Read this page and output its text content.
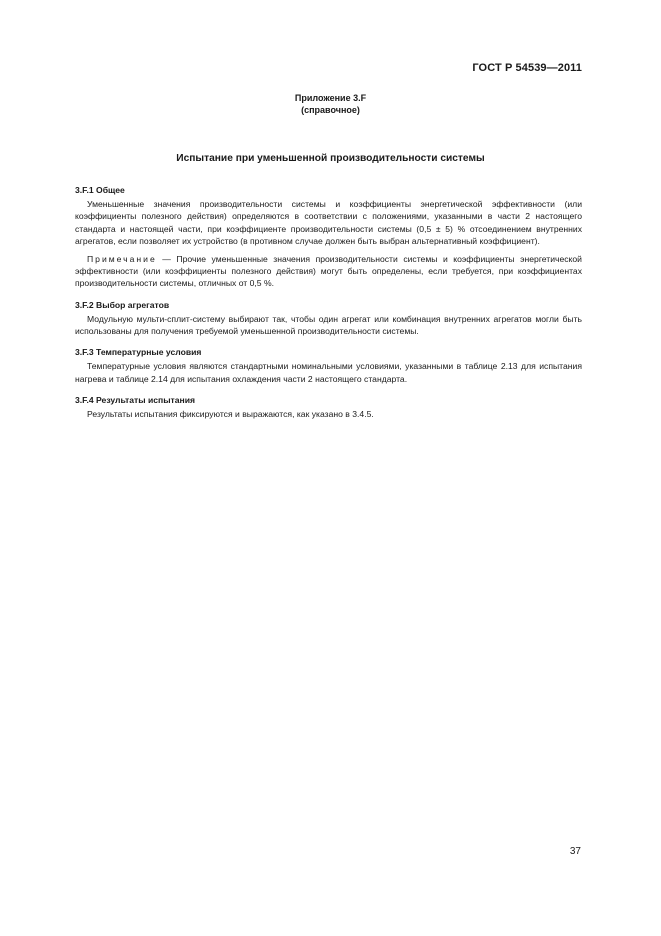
ГОСТ Р 54539—2011
Приложение 3.F
(справочное)
Испытание при уменьшенной производительности системы
3.F.1 Общее

Уменьшенные значения производительности системы и коэффициенты энергетической эффективности (или коэффициенты полезного действия) определяются в соответствии с положениями, указанными в части 2 настоящего стандарта и настоящей части, при коэффициенте производительности системы (0,5 ± 5) % отсоединением внутренних агрегатов, если позволяет их устройство (в противном случае должен быть выбран альтернативный коэффициент).

Примечание — Прочие уменьшенные значения производительности системы и коэффициенты энергетической эффективности (или коэффициенты полезного действия) могут быть определены, если требуется, при коэффициентах производительности системы, отличных от 0,5 %.

3.F.2 Выбор агрегатов

Модульную мульти-сплит-систему выбирают так, чтобы один агрегат или комбинация внутренних агрегатов могли быть использованы для получения требуемой уменьшенной производительности системы.

3.F.3 Температурные условия

Температурные условия являются стандартными номинальными условиями, указанными в таблице 2.13 для испытания нагрева и таблице 2.14 для испытания охлаждения части 2 настоящего стандарта.

3.F.4 Результаты испытания

Результаты испытания фиксируются и выражаются, как указано в 3.4.5.

37
